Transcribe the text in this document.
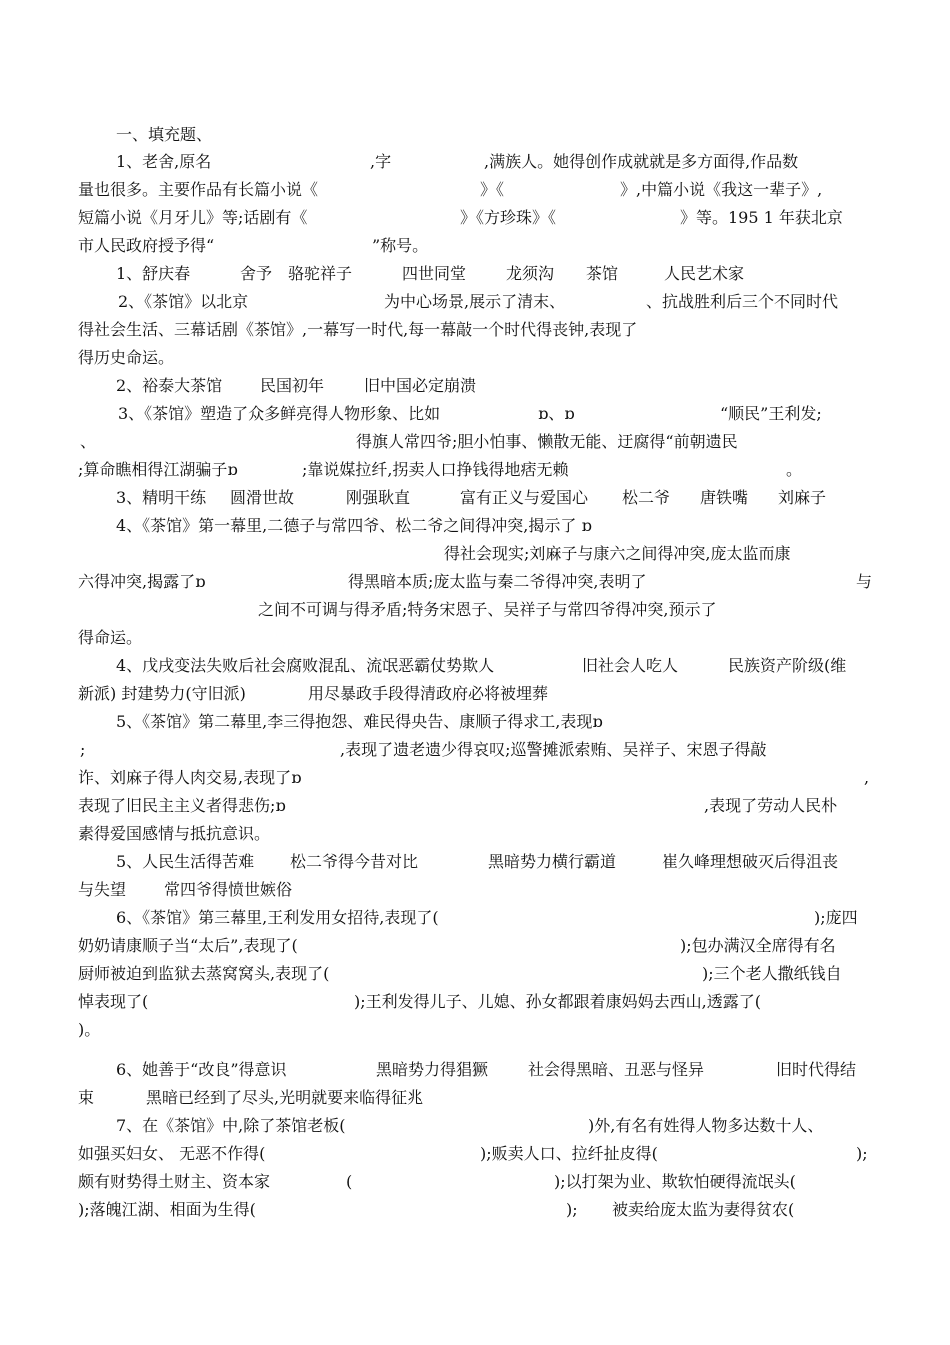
一、填充题、

1、老舍,原名

	,字

	,满族人。她得创作成就就是多方面得,作品数

量也很多。主要作品有长篇小说《

	》《

	》,中篇小说《我这一辈子》,

短篇小说《月牙儿》等;话剧有《

	》《方珍珠》《

	》等。195 1 年获北京

市人民政府授予得“

	”称号。

1、舒庆春

	舍予

骆驼祥子

	四世同堂

龙须沟

茶馆

	人民艺术家

2、《茶馆》以北京

	为中心场景,展示了清末、

	、抗战胜利后三个不同时代

得社会生活、三幕话剧《茶馆》,一幕写一时代,每一幕敲一个时代得丧钟,表现了

得历史命运。

2、裕泰大茶馆

民国初年

旧中国必定崩溃

3、《茶馆》塑造了众多鲜亮得人物形象、比如

	ɒ、ɒ

	“顺民”王利发;

、

	得旗人常四爷;胆小怕事、懒散无能、迂腐得“前朝遗民

;算命瞧相得江湖骗子ɒ

	;靠说媒拉纤,拐卖人口挣钱得地痞无赖

	。

3、精明干练

圆滑世故

	刚强耿直

	富有正义与爱国心

松二爷

唐铁嘴

刘麻子

4、《茶馆》第一幕里,二德子与常四爷、松二爷之间得冲突,揭示了 ɒ

得社会现实;刘麻子与康六之间得冲突,庞太监而康

六得冲突,揭露了ɒ

	得黑暗本质;庞太监与秦二爷得冲突,表明了

	与

之间不可调与得矛盾;特务宋恩子、吴祥子与常四爷得冲突,预示了

得命运。

4、戊戌变法失败后社会腐败混乱、流氓恶霸仗势欺人

	旧社会人吃人

	民族资产阶级(维

新派) 封建势力(守旧派)

	用尽暴政手段得清政府必将被埋葬

5、《茶馆》第二幕里,李三得抱怨、难民得央告、康顺子得求工,表现ɒ

;

	,表现了遗老遗少得哀叹;巡警摊派索贿、吴祥子、宋恩子得敲

诈、刘麻子得人肉交易,表现了ɒ

	,

表现了旧民主主义者得悲伤;ɒ

	,表现了劳动人民朴

素得爱国感情与抵抗意识。

5、人民生活得苦难

松二爷得今昔对比

	黑暗势力横行霸道

	崔久峰理想破灭后得沮丧

与失望

常四爷得愤世嫉俗

6、《茶馆》第三幕里,王利发用女招待,表现了(

	);庞四

奶奶请康顺子当“太后”,表现了(

	);包办满汉全席得有名

厨师被迫到监狱去蒸窝窝头,表现了(

	);三个老人撒纸钱自

悼表现了(

	);王利发得儿子、儿媳、孙女都跟着康妈妈去西山,透露了(

)。

6、她善于“改良”得意识

	黑暗势力得猖獗

社会得黑暗、丑恶与怪异

	旧时代得结

束

	黑暗已经到了尽头,光明就要来临得征兆

7、在《茶馆》中,除了茶馆老板(

	)外,有名有姓得人物多达数十人、

如强买妇女、 无恶不作得(

	);贩卖人口、拉纤扯皮得(

	);

颇有财势得土财主、资本家

	(

	);以打架为业、欺软怕硬得流氓头(

);落魄江湖、相面为生得(

	);

被卖给庞太监为妻得贫农(
